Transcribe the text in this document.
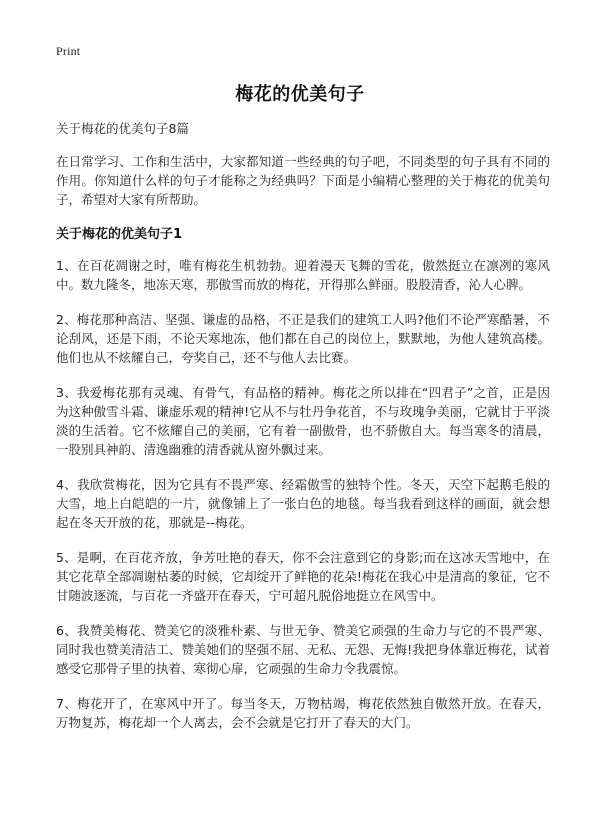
Print
梅花的优美句子
关于梅花的优美句子8篇

在日常学习、工作和生活中，大家都知道一些经典的句子吧，不同类型的句子具有不同的作用。你知道什么样的句子才能称之为经典吗？下面是小编精心整理的关于梅花的优美句子，希望对大家有所帮助。

关于梅花的优美句子1

1、在百花凋谢之时，唯有梅花生机勃勃。迎着漫天飞舞的雪花，傲然挺立在凛冽的寒风中。数九隆冬，地冻天寒，那傲雪而放的梅花，开得那么鲜丽。股股清香，沁人心脾。

2、梅花那种高洁、坚强、谦虚的品格，不正是我们的建筑工人吗?他们不论严寒酷暑，不论刮风，还是下雨，不论天寒地冻，他们都在自己的岗位上，默默地，为他人建筑高楼。他们也从不炫耀自己，夸奖自己，还不与他人去比赛。

3、我爱梅花那有灵魂、有骨气，有品格的精神。梅花之所以排在“四君子”之首，正是因为这种傲雪斗霜、谦虚乐观的精神!它从不与牡丹争花首，不与玫瑰争美丽，它就甘于平淡淡的生活着。它不炫耀自己的美丽，它有着一副傲骨，也不骄傲自大。每当寒冬的清晨，一股别具神韵、清逸幽雅的清香就从窗外飘过来。

4、我欣赏梅花，因为它具有不畏严寒、经霜傲雪的独特个性。冬天，天空下起鹅毛般的大雪，地上白皑皑的一片，就像铺上了一张白色的地毯。每当我看到这样的画面，就会想起在冬天开放的花，那就是--梅花。

5、是啊，在百花齐放，争芳吐艳的春天，你不会注意到它的身影;而在这冰天雪地中，在其它花草全部凋谢枯萎的时候，它却绽开了鲜艳的花朵!梅花在我心中是清高的象征，它不甘随波逐流，与百花一齐盛开在春天，宁可超凡脱俗地挺立在风雪中。

6、我赞美梅花、赞美它的淡雅朴素、与世无争、赞美它顽强的生命力与它的不畏严寒、同时我也赞美清洁工、赞美她们的坚强不屈、无私、无怨、无悔!我把身体靠近梅花，试着感受它那骨子里的执着、寒彻心扉，它顽强的生命力令我震惊。

7、梅花开了，在寒风中开了。每当冬天，万物枯竭，梅花依然独自傲然开放。在春天，万物复苏，梅花却一个人离去，会不会就是它打开了春天的大门。
